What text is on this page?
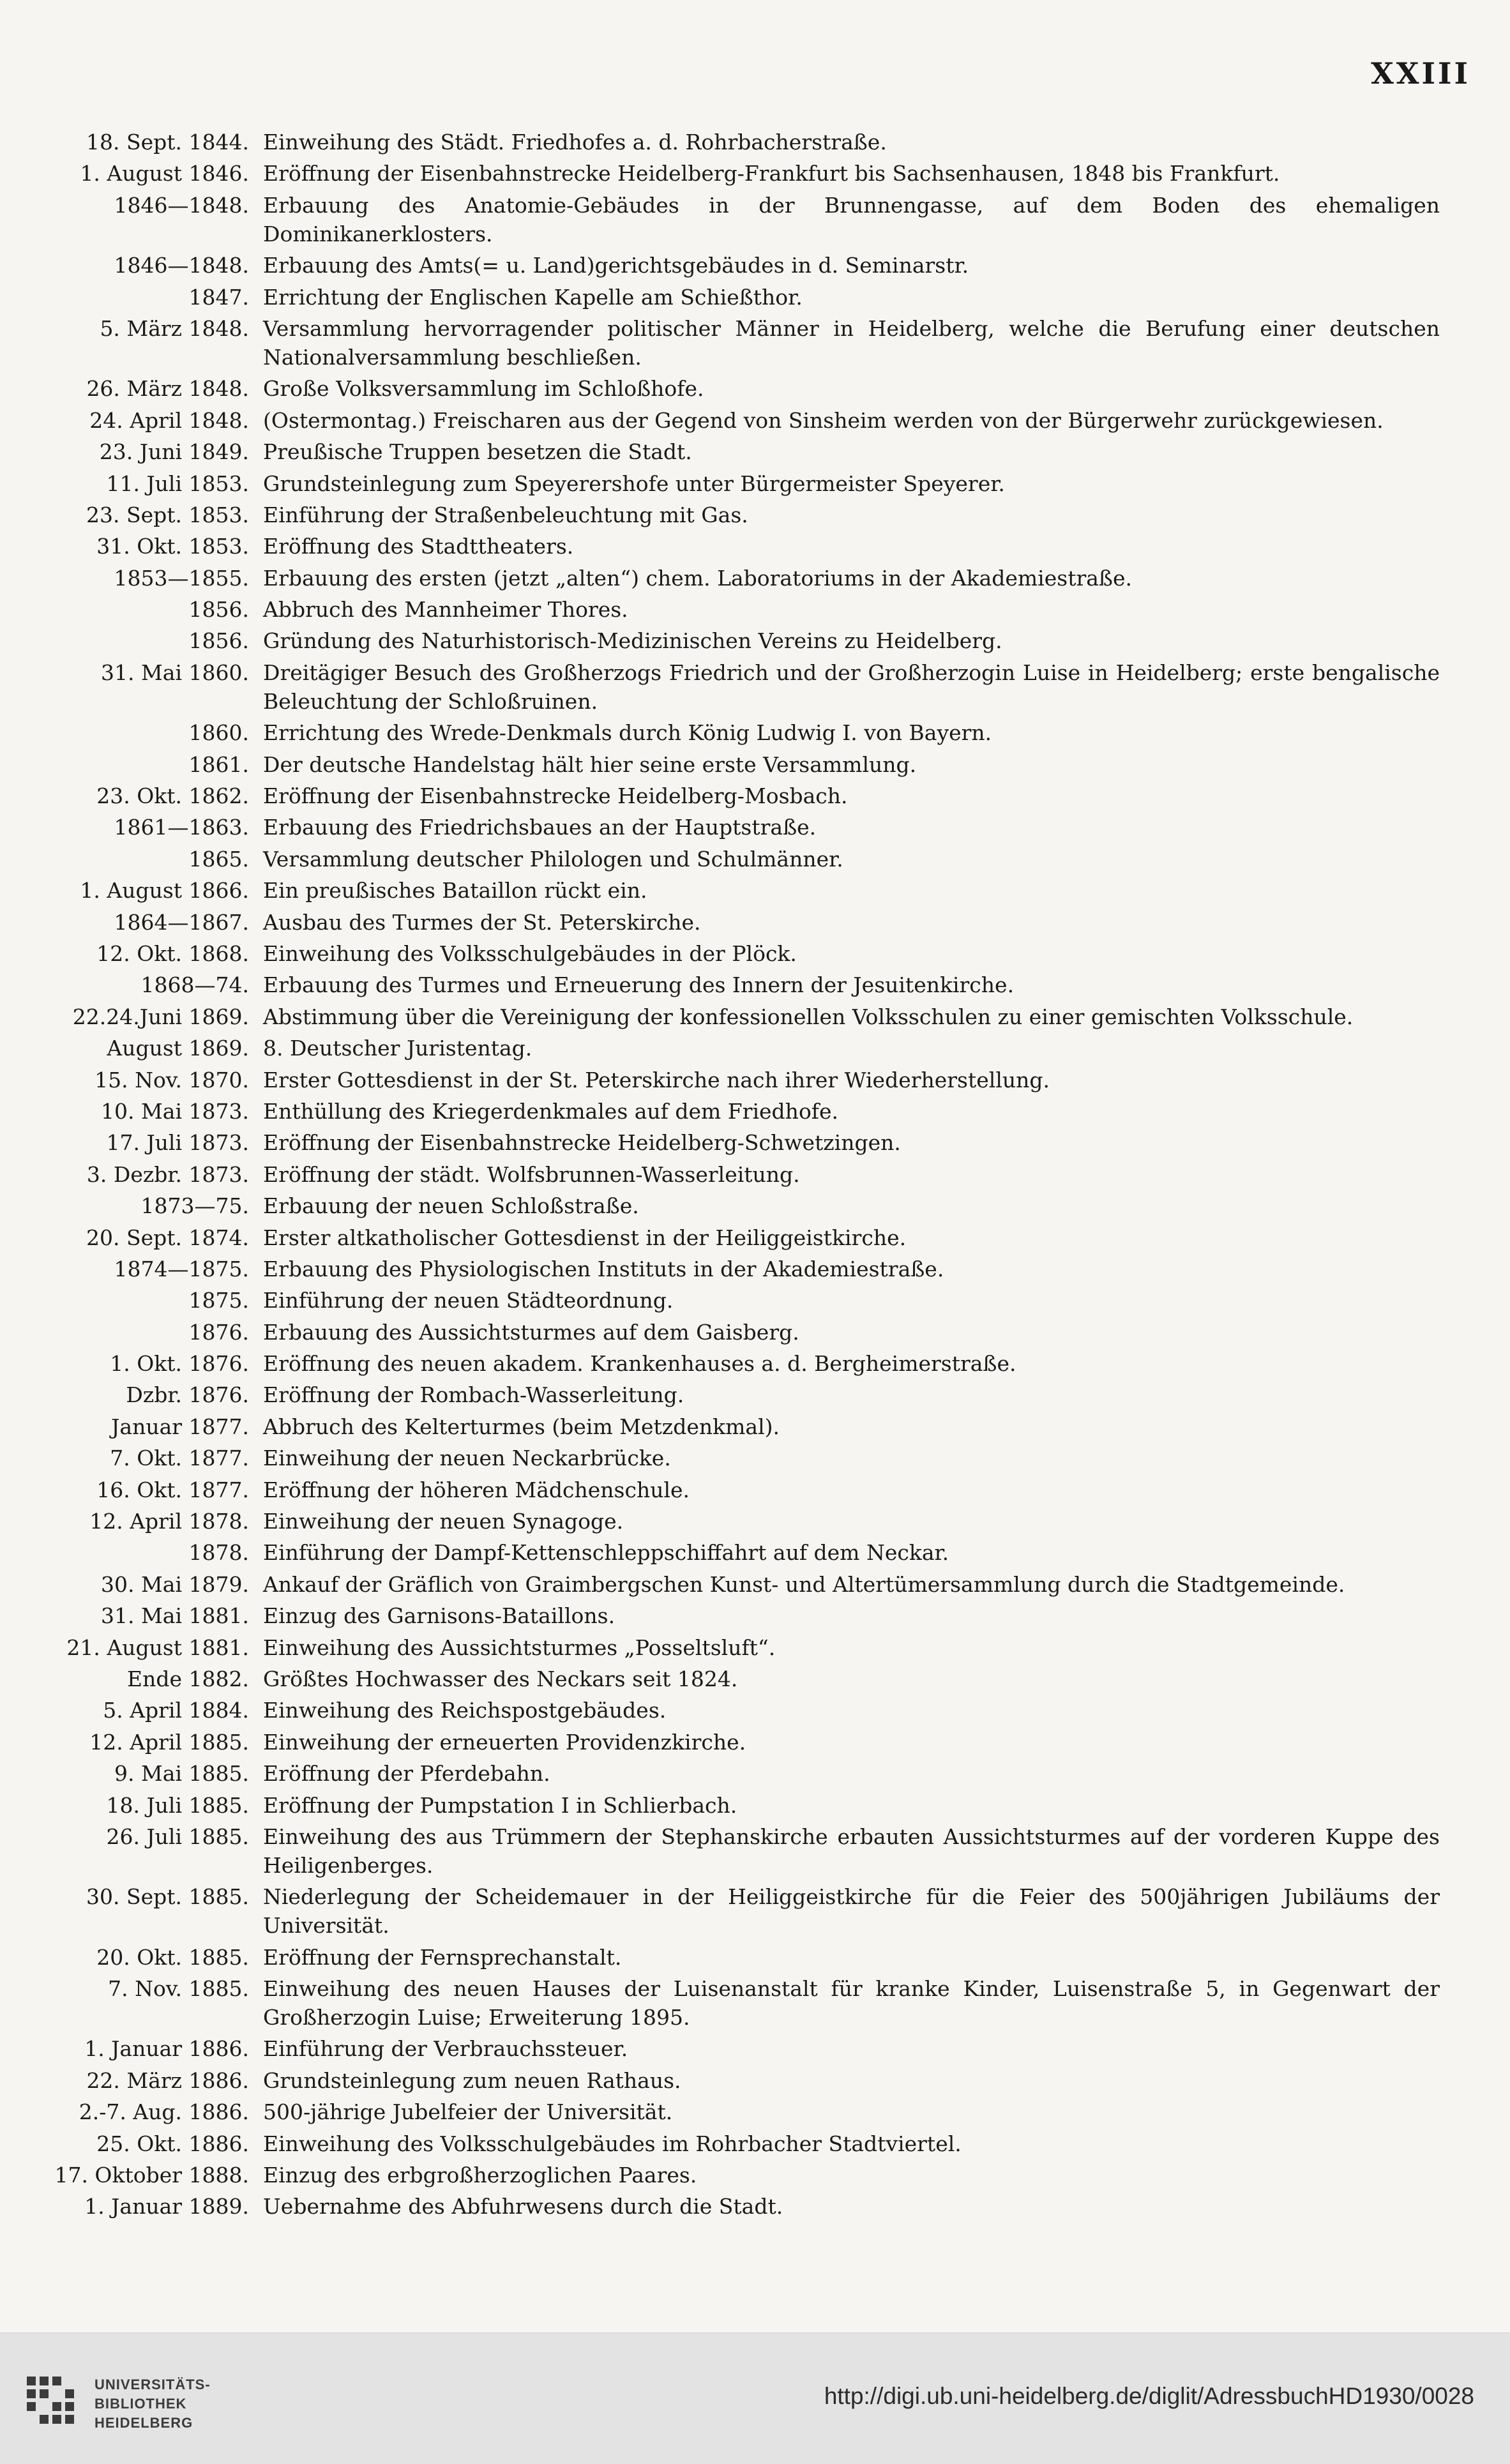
XXIII
18. Sept. 1844. Einweihung des Städt. Friedhofes a. d. Rohrbacherstraße.
1. August 1846. Eröffnung der Eisenbahnstrecke Heidelberg-Frankfurt bis Sachsenhausen, 1848 bis Frankfurt.
1846—1848. Erbauung des Anatomie-Gebäudes in der Brunnengasse, auf dem Boden des ehemaligen Dominikanerklosters.
1846—1848. Erbauung des Amts(= u. Land)gerichtsgebäudes in d. Seminarstr.
1847. Errichtung der Englischen Kapelle am Schießthor.
5. März 1848. Versammlung hervorragender politischer Männer in Heidelberg, welche die Berufung einer deutschen Nationalversammlung beschließen.
26. März 1848. Große Volksversammlung im Schloßhofe.
24. April 1848. (Ostermontag.) Freischaren aus der Gegend von Sinsheim werden von der Bürgerwehr zurückgewiesen.
23. Juni 1849. Preußische Truppen besetzen die Stadt.
11. Juli 1853. Grundsteinlegung zum Speyerershofe unter Bürgermeister Speyerer.
23. Sept. 1853. Einführung der Straßenbeleuchtung mit Gas.
31. Okt. 1853. Eröffnung des Stadttheaters.
1853—1855. Erbauung des ersten (jetzt „alten“) chem. Laboratoriums in der Akademiestraße.
1856. Abbruch des Mannheimer Thores.
1856. Gründung des Naturhistorisch-Medizinischen Vereins zu Heidelberg.
31. Mai 1860. Dreitägiger Besuch des Großherzogs Friedrich und der Großherzogin Luise in Heidelberg; erste bengalische Beleuchtung der Schloßruinen.
1860. Errichtung des Wrede-Denkmals durch König Ludwig I. von Bayern.
1861. Der deutsche Handelstag hält hier seine erste Versammlung.
23. Okt. 1862. Eröffnung der Eisenbahnstrecke Heidelberg-Mosbach.
1861—1863. Erbauung des Friedrichsbaues an der Hauptstraße.
1865. Versammlung deutscher Philologen und Schulmänner.
1. August 1866. Ein preußisches Bataillon rückt ein.
1864—1867. Ausbau des Turmes der St. Peterskirche.
12. Okt. 1868. Einweihung des Volksschulgebäudes in der Plöck.
1868—74. Erbauung des Turmes und Erneuerung des Innern der Jesuitenkirche.
22.24.Juni 1869. Abstimmung über die Vereinigung der konfessionellen Volksschulen zu einer gemischten Volksschule.
August 1869. 8. Deutscher Juristentag.
15. Nov. 1870. Erster Gottesdienst in der St. Peterskirche nach ihrer Wiederherstellung.
10. Mai 1873. Enthüllung des Kriegerdenkmales auf dem Friedhofe.
17. Juli 1873. Eröffnung der Eisenbahnstrecke Heidelberg-Schwetzingen.
3. Dezbr. 1873. Eröffnung der städt. Wolfsbrunnen-Wasserleitung.
1873—75. Erbauung der neuen Schloßstraße.
20. Sept. 1874. Erster altkatholischer Gottesdienst in der Heiliggeistkirche.
1874—1875. Erbauung des Physiologischen Instituts in der Akademiestraße.
1875. Einführung der neuen Städteordnung.
1876. Erbauung des Aussichtsturmes auf dem Gaisberg.
1. Okt. 1876. Eröffnung des neuen akadem. Krankenhauses a. d. Bergheimerstraße.
Dzbr. 1876. Eröffnung der Rombach-Wasserleitung.
Januar 1877. Abbruch des Kelterturmes (beim Metzdenkmal).
7. Okt. 1877. Einweihung der neuen Neckarbrücke.
16. Okt. 1877. Eröffnung der höheren Mädchenschule.
12. April 1878. Einweihung der neuen Synagoge.
1878. Einführung der Dampf-Kettenschleppschiffahrt auf dem Neckar.
30. Mai 1879. Ankauf der Gräflich von Graimbergschen Kunst- und Altertümersammlung durch die Stadtgemeinde.
31. Mai 1881. Einzug des Garnisons-Bataillons.
21. August 1881. Einweihung des Aussichtsturmes „Posseltsluft“.
Ende 1882. Größtes Hochwasser des Neckars seit 1824.
5. April 1884. Einweihung des Reichspostgebäudes.
12. April 1885. Einweihung der erneuerten Providenzkirche.
9. Mai 1885. Eröffnung der Pferdebahn.
18. Juli 1885. Eröffnung der Pumpstation I in Schlierbach.
26. Juli 1885. Einweihung des aus Trümmern der Stephanskirche erbauten Aussichtsturmes auf der vorderen Kuppe des Heiligenberges.
30. Sept. 1885. Niederlegung der Scheidemauer in der Heiliggeistkirche für die Feier des 500jährigen Jubiläums der Universität.
20. Okt. 1885. Eröffnung der Fernsprechanstalt.
7. Nov. 1885. Einweihung des neuen Hauses der Luisenanstalt für kranke Kinder, Luisenstraße 5, in Gegenwart der Großherzogin Luise; Erweiterung 1895.
1. Januar 1886. Einführung der Verbrauchssteuer.
22. März 1886. Grundsteinlegung zum neuen Rathaus.
2.-7. Aug. 1886. 500-jährige Jubelfeier der Universität.
25. Okt. 1886. Einweihung des Volksschulgebäudes im Rohrbacher Stadtviertel.
17. Oktober 1888. Einzug des erbgroßherzoglichen Paares.
1. Januar 1889. Uebernahme des Abfuhrwesens durch die Stadt.
UNIVERSITÄTS-
BIBLIOTHEK
HEIDELBERG
http://digi.ub.uni-heidelberg.de/diglit/AdressbuchHD1930/0028
